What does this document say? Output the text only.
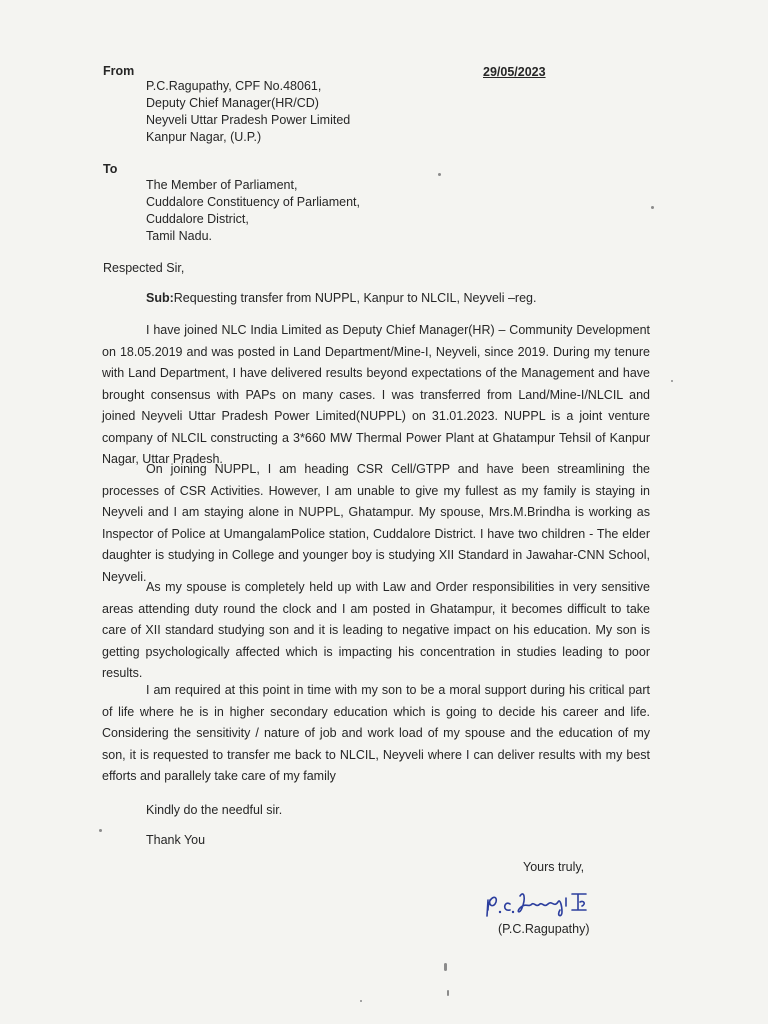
From	29/05/2023
P.C.Ragupathy, CPF No.48061,
Deputy Chief Manager(HR/CD)
Neyveli Uttar Pradesh Power Limited
Kanpur Nagar, (U.P.)
To
The Member of Parliament,
Cuddalore Constituency of Parliament,
Cuddalore District,
Tamil Nadu.
Respected Sir,
Sub:Requesting transfer from NUPPL, Kanpur to NLCIL, Neyveli –reg.

I have joined NLC India Limited as Deputy Chief Manager(HR) – Community Development on 18.05.2019 and was posted in Land Department/Mine-I, Neyveli, since 2019. During my tenure with Land Department, I have delivered results beyond expectations of the Management and have brought consensus with PAPs on many cases. I was transferred from Land/Mine-I/NLCIL and joined Neyveli Uttar Pradesh Power Limited(NUPPL) on 31.01.2023. NUPPL is a joint venture company of NLCIL constructing a 3*660 MW Thermal Power Plant at Ghatampur Tehsil of Kanpur Nagar, Uttar Pradesh.

On joining NUPPL, I am heading CSR Cell/GTPP and have been streamlining the processes of CSR Activities. However, I am unable to give my fullest as my family is staying in Neyveli and I am staying alone in NUPPL, Ghatampur. My spouse, Mrs.M.Brindha is working as Inspector of Police at UmangalamPolice station, Cuddalore District. I have two children - The elder daughter is studying in College and younger boy is studying XII Standard in Jawahar-CNN School, Neyveli.

As my spouse is completely held up with Law and Order responsibilities in very sensitive areas attending duty round the clock and I am posted in Ghatampur, it becomes difficult to take care of XII standard studying son and it is leading to negative impact on his education. My son is getting psychologically affected which is impacting his concentration in studies leading to poor results.

I am required at this point in time with my son to be a moral support during his critical part of life where he is in higher secondary education which is going to decide his career and life. Considering the sensitivity / nature of job and work load of my spouse and the education of my son, it is requested to transfer me back to NLCIL, Neyveli where I can deliver results with my best efforts and parallely take care of my family

Kindly do the needful sir.
Thank You
Yours truly,
(P.C.Ragupathy)
